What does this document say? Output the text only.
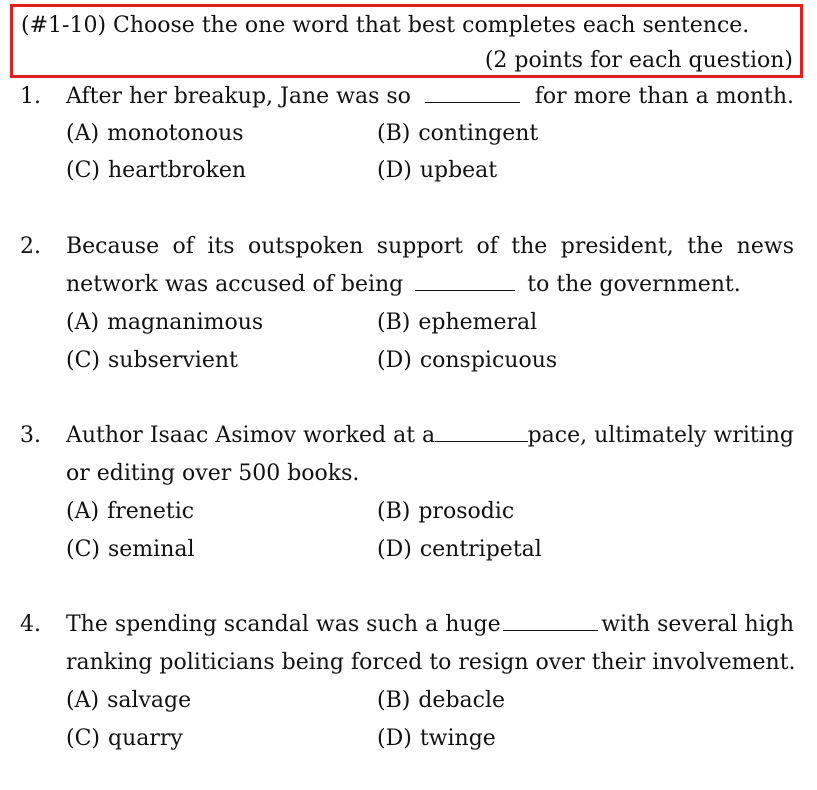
(#1-10) Choose the one word that best completes each sentence.
(2 points for each question)
1. After her breakup, Jane was so	for more than a month.
(A) monotonous	(B) contingent
(C) heartbroken	(D) upbeat
2. Because of its outspoken support of the president, the news
network was accused of being	to the government.
(A) magnanimous	(B) ephemeral
(C) subservient	(D) conspicuous
3. Author Isaac Asimov worked at a	pace, ultimately writing
or editing over 500 books.
(A) frenetic	(B) prosodic
(C) seminal	(D) centripetal
4. The spending scandal was such a huge	with several high
ranking politicians being forced to resign over their involvement.
(A) salvage	(B) debacle
(C) quarry	(D) twinge
